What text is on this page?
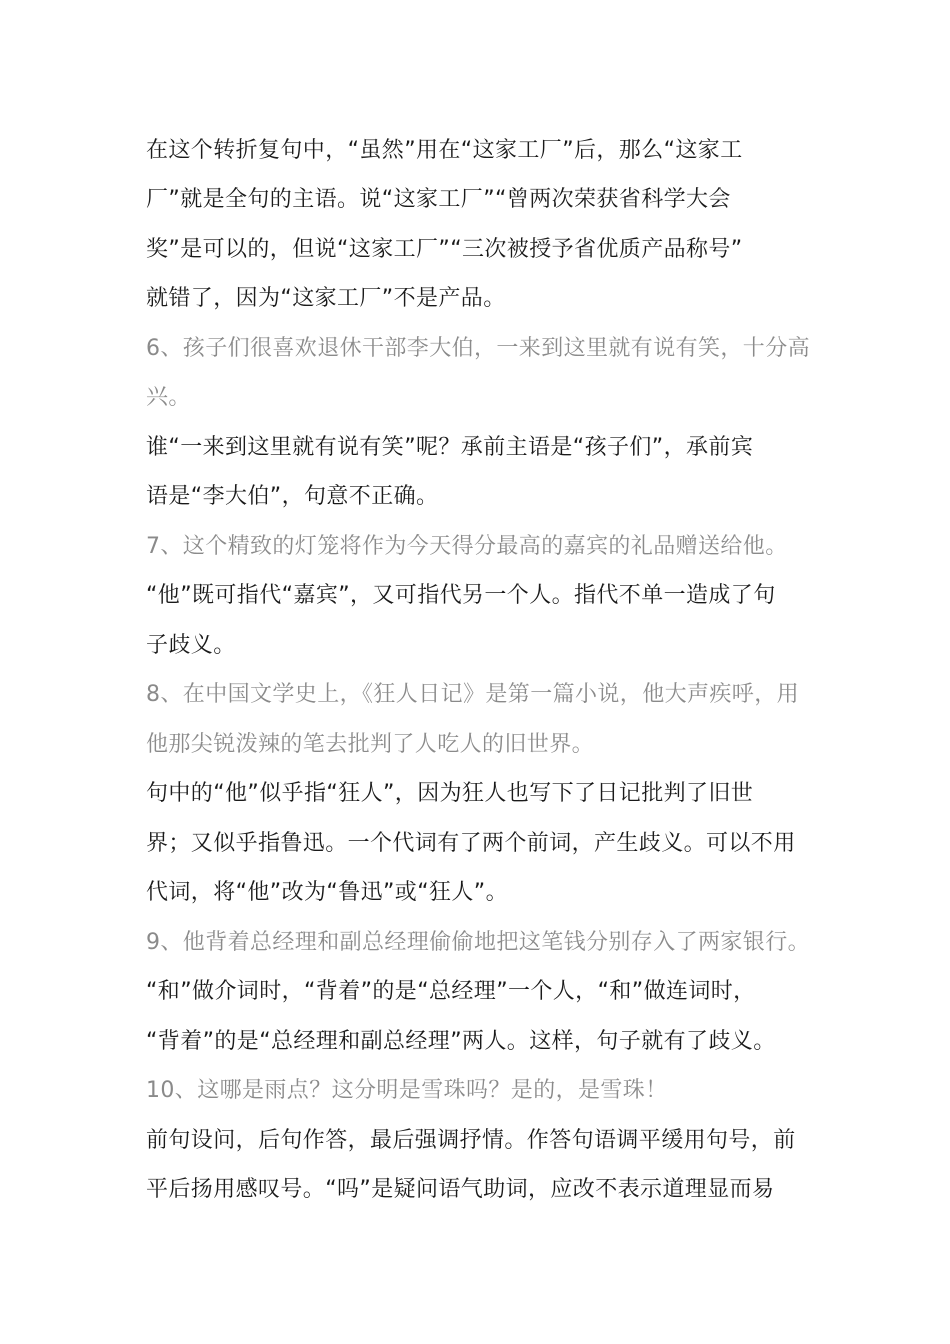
在这个转折复句中，“虽然”用在“这家工厂”后，那么“这家工
厂”就是全句的主语。说“这家工厂”“曾两次荣获省科学大会
奖”是可以的，但说“这家工厂”“三次被授予省优质产品称号”
就错了，因为“这家工厂”不是产品。
6、孩子们很喜欢退休干部李大伯，一来到这里就有说有笑，十分高
兴。
谁“一来到这里就有说有笑”呢？承前主语是“孩子们”，承前宾
语是“李大伯”，句意不正确。
7、这个精致的灯笼将作为今天得分最高的嘉宾的礼品赠送给他。
“他”既可指代“嘉宾”，又可指代另一个人。指代不单一造成了句
子歧义。
8、在中国文学史上，《狂人日记》是第一篇小说，他大声疾呼，用
他那尖锐泼辣的笔去批判了人吃人的旧世界。
句中的“他”似乎指“狂人”，因为狂人也写下了日记批判了旧世
界；又似乎指鲁迅。一个代词有了两个前词，产生歧义。可以不用
代词，将“他”改为“鲁迅”或“狂人”。
9、他背着总经理和副总经理偷偷地把这笔钱分别存入了两家银行。
“和”做介词时，“背着”的是“总经理”一个人，“和”做连词时，
“背着”的是“总经理和副总经理”两人。这样，句子就有了歧义。
10、这哪是雨点？这分明是雪珠吗？是的，是雪珠！
前句设问，后句作答，最后强调抒情。作答句语调平缓用句号，前
平后扬用感叹号。“吗”是疑问语气助词，应改不表示道理显而易
